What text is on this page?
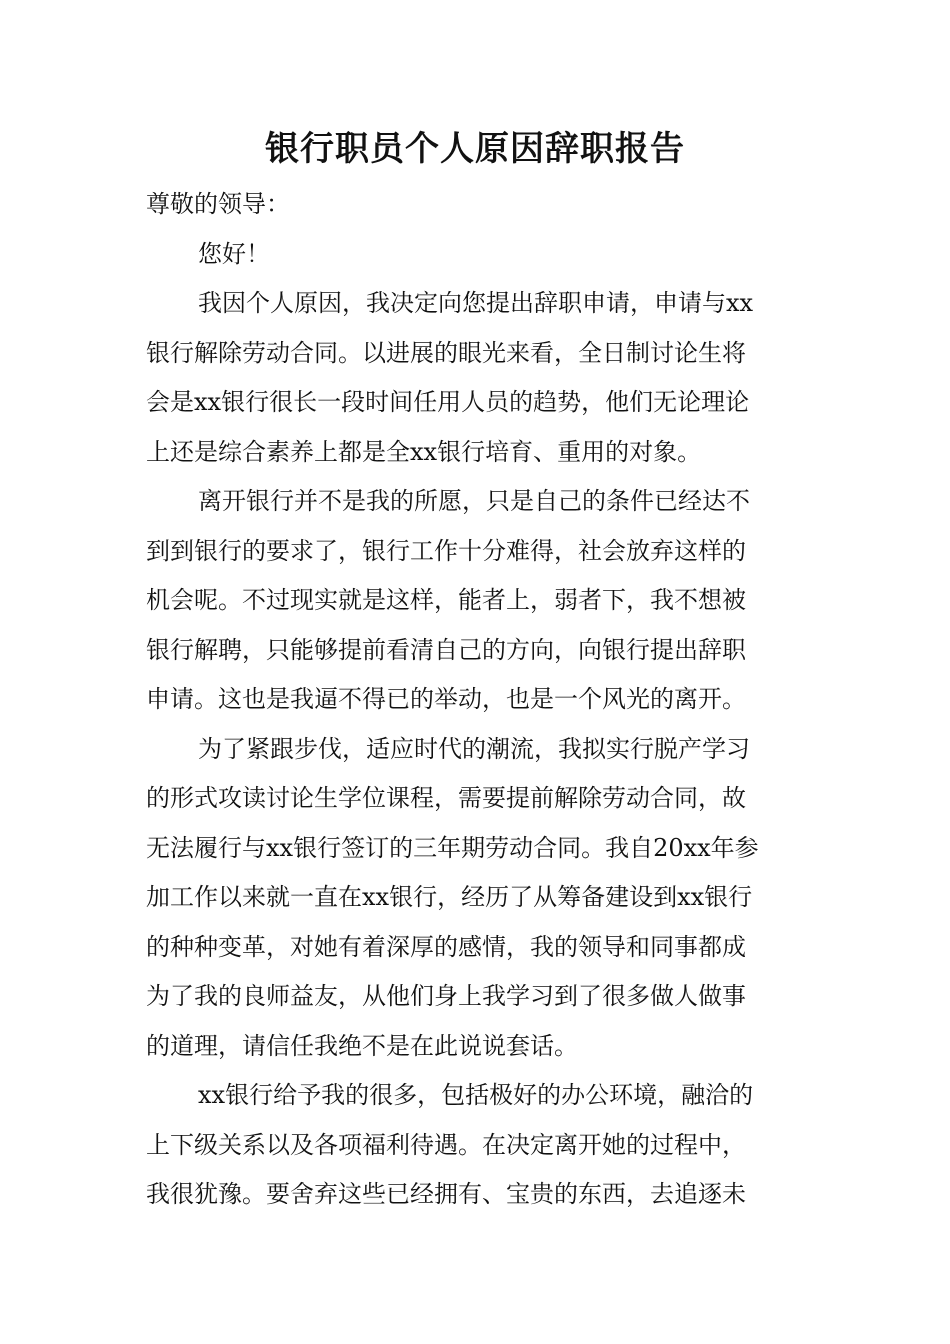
银行职员个人原因辞职报告
尊敬的领导：
您好！
我因个人原因，我决定向您提出辞职申请，申请与xx
银行解除劳动合同。以进展的眼光来看，全日制讨论生将
会是xx银行很长一段时间任用人员的趋势，他们无论理论
上还是综合素养上都是全xx银行培育、重用的对象。
离开银行并不是我的所愿，只是自己的条件已经达不
到到银行的要求了，银行工作十分难得，社会放弃这样的
机会呢。不过现实就是这样，能者上，弱者下，我不想被
银行解聘，只能够提前看清自己的方向，向银行提出辞职
申请。这也是我逼不得已的举动，也是一个风光的离开。
为了紧跟步伐，适应时代的潮流，我拟实行脱产学习
的形式攻读讨论生学位课程，需要提前解除劳动合同，故
无法履行与xx银行签订的三年期劳动合同。我自20xx年参
加工作以来就一直在xx银行，经历了从筹备建设到xx银行
的种种变革，对她有着深厚的感情，我的领导和同事都成
为了我的良师益友，从他们身上我学习到了很多做人做事
的道理，请信任我绝不是在此说说套话。
xx银行给予我的很多，包括极好的办公环境，融洽的
上下级关系以及各项福利待遇。在决定离开她的过程中，
我很犹豫。要舍弃这些已经拥有、宝贵的东西，去追逐未
